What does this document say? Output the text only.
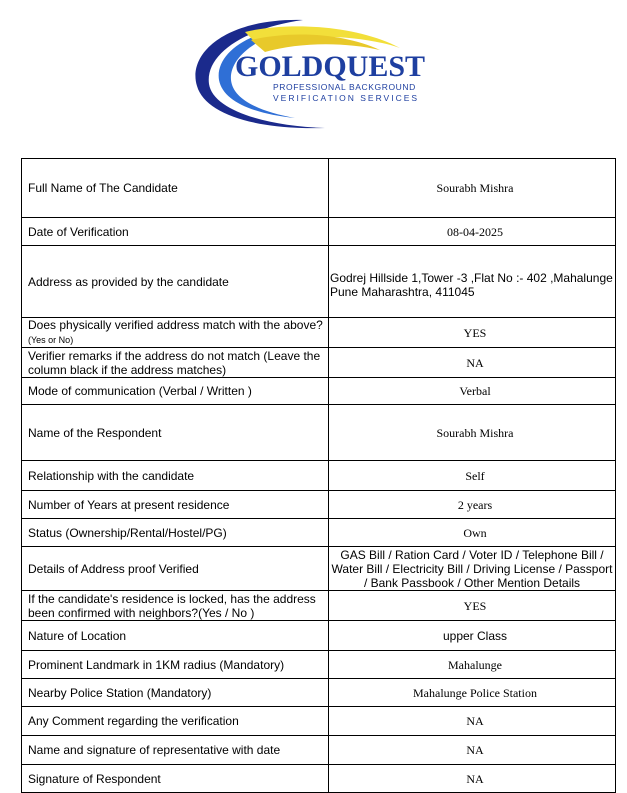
GOLDQUEST
PROFESSIONAL BACKGROUND
VERIFICATION SERVICES
Full Name of The Candidate	Sourabh Mishra
Date of Verification	08-04-2025
Address as provided by the candidate	Godrej Hillside 1,Tower -3 ,Flat No :- 402 ,Mahalunge Pune Maharashtra, 411045
Does physically verified address match with the above?
(Yes or No)	YES
Verifier remarks if the address do not match (Leave the column black if the address matches)	NA
Mode of communication (Verbal / Written )	Verbal
Name of the Respondent	Sourabh Mishra
Relationship with the candidate	Self
Number of Years at present residence	2 years
Status (Ownership/Rental/Hostel/PG)	Own
Details of Address proof Verified	GAS Bill / Ration Card / Voter ID / Telephone Bill / Water Bill / Electricity Bill / Driving License / Passport / Bank Passbook / Other Mention Details
If the candidate's residence is locked, has the address been confirmed with neighbors?(Yes / No )	YES
Nature of Location	upper Class
Prominent Landmark in 1KM radius (Mandatory)	Mahalunge
Nearby Police Station (Mandatory)	Mahalunge Police Station
Any Comment regarding the verification	NA
Name and signature of representative with date	NA
Signature of Respondent	NA
